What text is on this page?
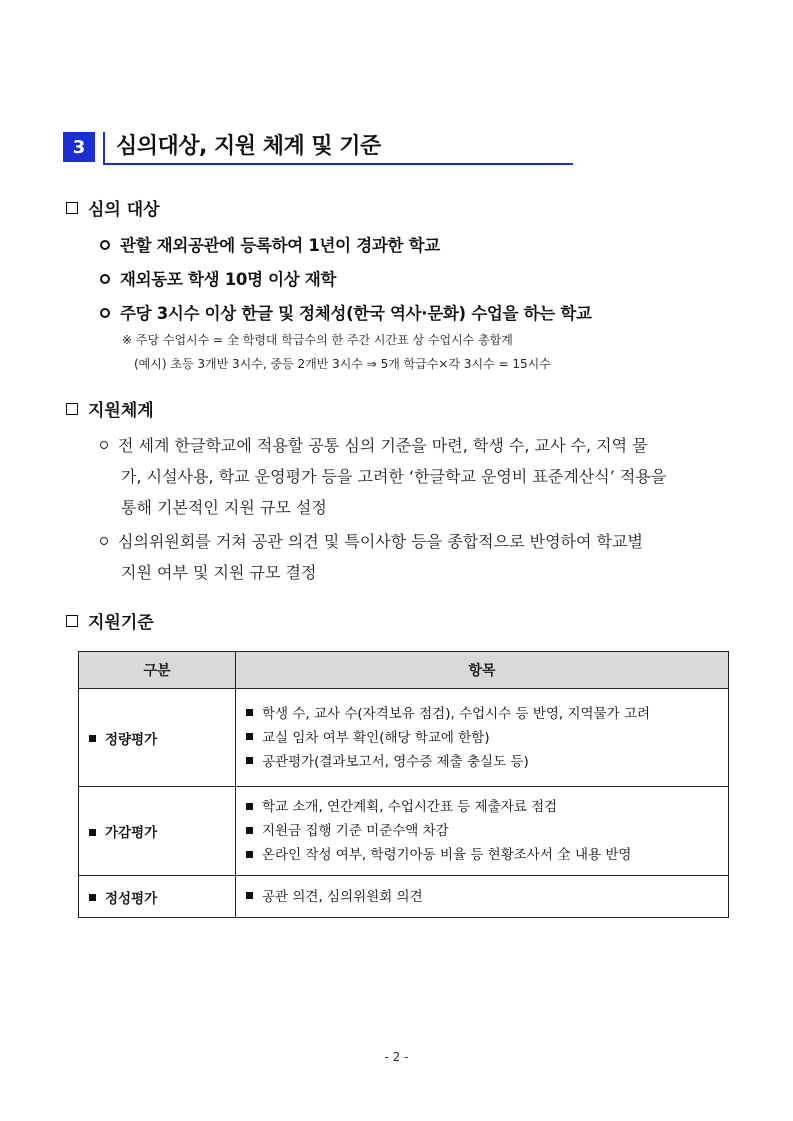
3	심의대상, 지원 체계 및 기준
심의 대상
관할 재외공관에 등록하여 1년이 경과한 학교
재외동포 학생 10명 이상 재학
주당 3시수 이상 한글 및 정체성(한국 역사·문화) 수업을 하는 학교
※ 주당 수업시수 = 全 학령대 학급수의 한 주간 시간표 상 수업시수 총합계
(예시) 초등 3개반 3시수, 중등 2개반 3시수 ⇒ 5개 학급수×각 3시수 = 15시수
지원체계
전 세계 한글학교에 적용할 공통 심의 기준을 마련, 학생 수, 교사 수, 지역 물
가, 시설사용, 학교 운영평가 등을 고려한 ‘한글학교 운영비 표준계산식’ 적용을
통해 기본적인 지원 규모 설정
심의위원회를 거쳐 공관 의견 및 특이사항 등을 종합적으로 반영하여 학교별
지원 여부 및 지원 규모 결정
지원기준
구분	항목
정량평가	학생 수, 교사 수(자격보유 점검), 수업시수 등 반영, 지역물가 고려
교실 임차 여부 확인(해당 학교에 한함)
공관평가(결과보고서, 영수증 제출 충실도 등)

가감평가	학교 소개, 연간계획, 수업시간표 등 제출자료 점검
지원금 집행 기준 미준수액 차감
온라인 작성 여부, 학령기아동 비율 등 현황조사서 全 내용 반영

정성평가	공관 의견, 심의위원회 의견
- 2 -
